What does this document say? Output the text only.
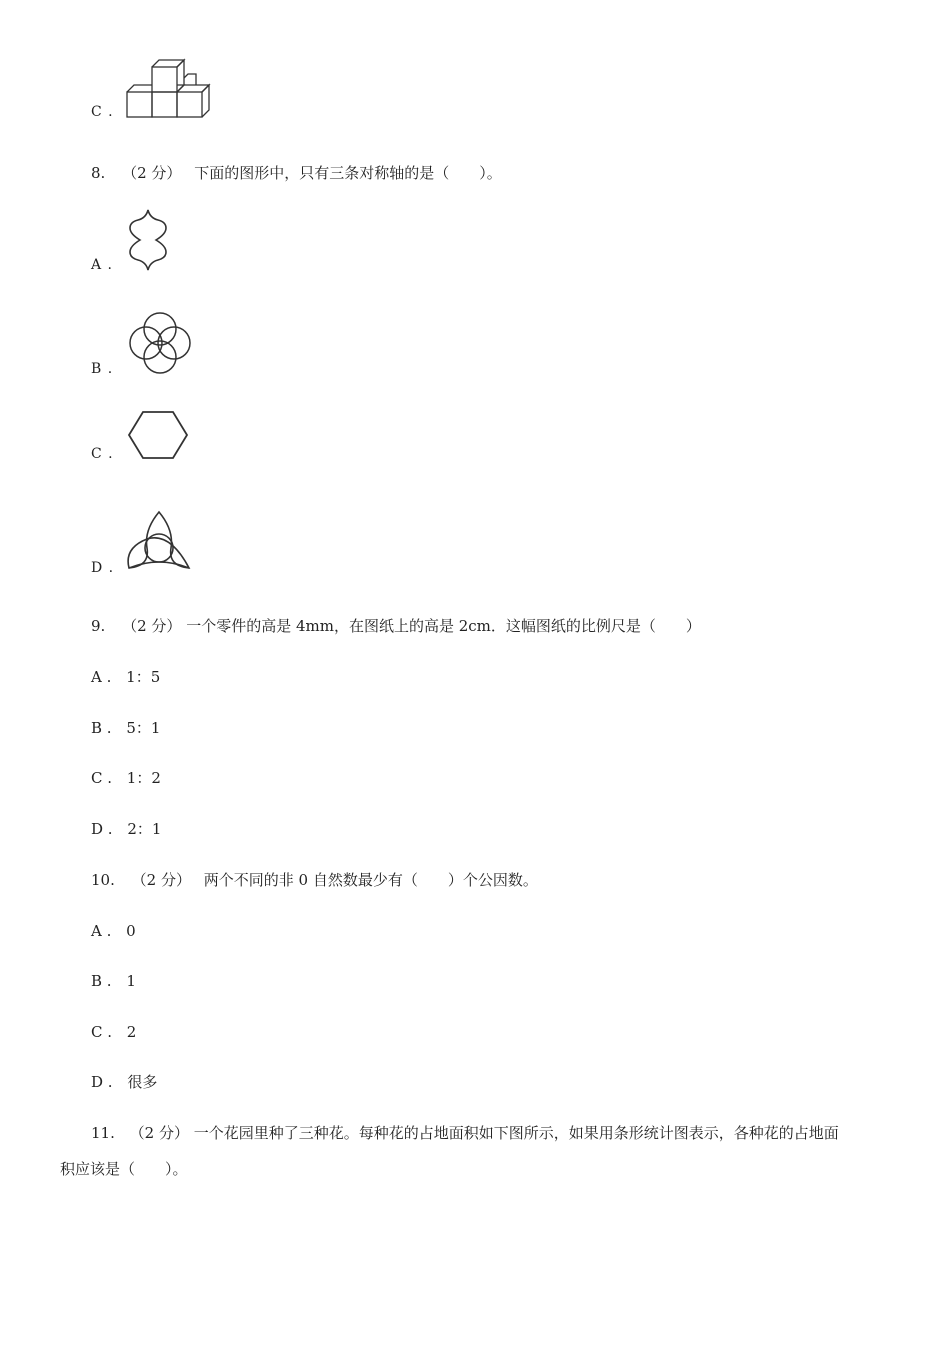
C .
8. （2 分） 下面的图形中，只有三条对称轴的是（　　）。
A .
B .
C .
D .
9. （2 分） 一个零件的高是 4mm，在图纸上的高是 2cm．这幅图纸的比例尺是（　　）
A . 1：5
B . 5：1
C . 1：2
D . 2：1
10. （2 分） 两个不同的非 0 自然数最少有（　　）个公因数。
A . 0
B . 1
C . 2
D . 很多
11. （2 分） 一个花园里种了三种花。每种花的占地面积如下图所示，如果用条形统计图表示，各种花的占地面
积应该是（　　）。
